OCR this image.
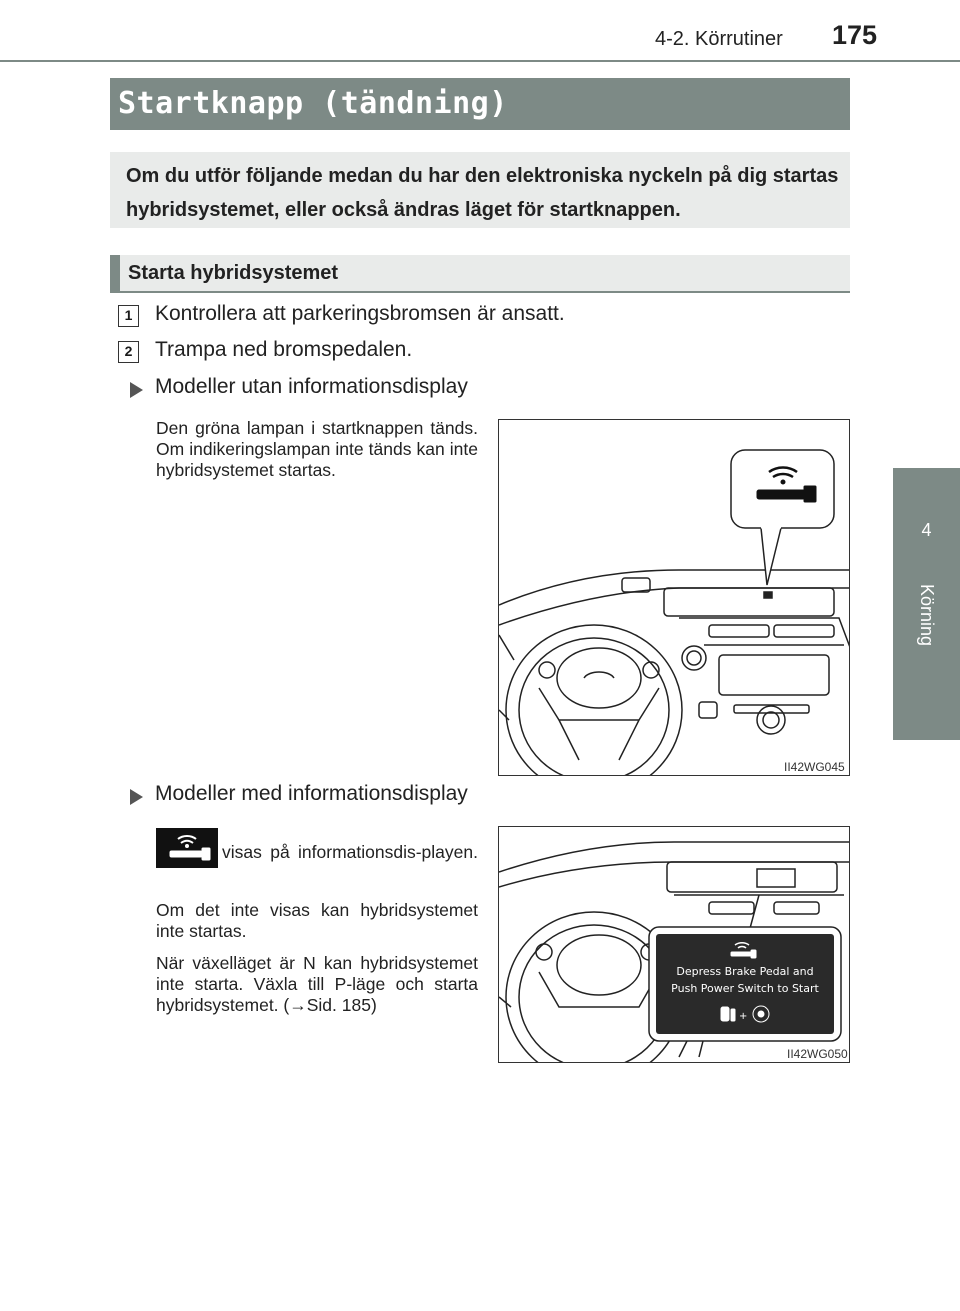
4-2. Körrutiner 175
4
Körning
Startknapp (tändning)
Om du utför följande medan du har den elektroniska nyckeln på dig startas hybridsystemet, eller också ändras läget för startknappen.
Starta hybridsystemet
1	Kontrollera att parkeringsbromsen är ansatt.
2	Trampa ned bromspedalen.
Modeller utan informationsdisplay
Den gröna lampan i startknappen tänds. Om indikeringslampan inte tänds kan inte hybridsystemet startas.
II42WG045
Modeller med informationsdisplay
visas på informationsdis-playen.
Om det inte visas kan hybridsystemet inte startas.
När växelläget är N kan hybridsystemet inte starta. Växla till P-läge och starta hybridsystemet. (→Sid. 185)
+
Depress Brake Pedal and
Push Power Switch to Start
II42WG050
